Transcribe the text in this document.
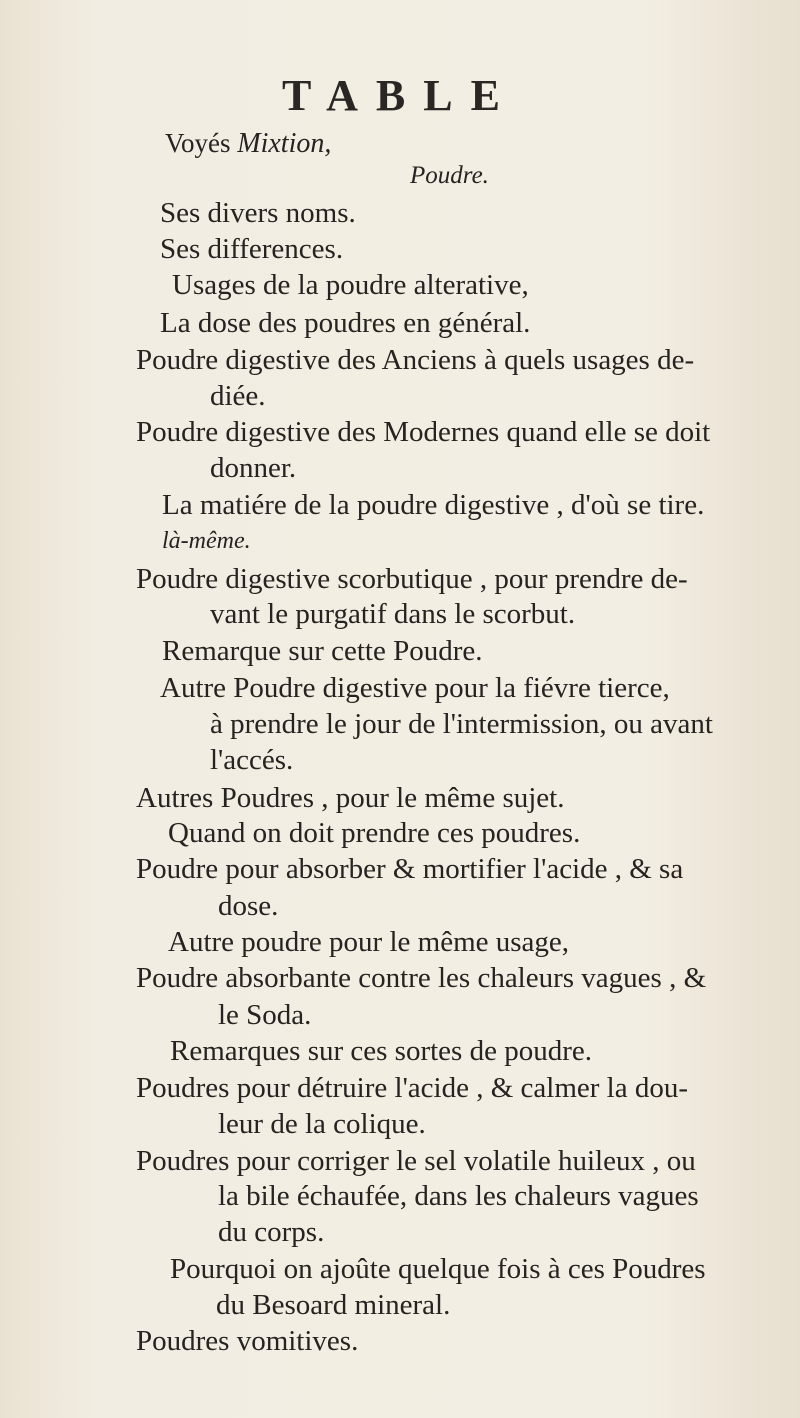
TABLE
Voyés Mixtion,
Poudre.
Ses divers noms.
Ses differences.
Usages de la poudre alterative,
La dose des poudres en général.
Poudre digestive des Anciens à quels usages de-
diée.
Poudre digestive des Modernes quand elle se doit
donner.
La matiére de la poudre digestive , d'où se tire.
là-même.
Poudre digestive scorbutique , pour prendre de-
vant le purgatif dans le scorbut.
Remarque sur cette Poudre.
Autre Poudre digestive pour la fiévre tierce,
à prendre le jour de l'intermission, ou avant
l'accés.
Autres Poudres , pour le même sujet.
Quand on doit prendre ces poudres.
Poudre pour absorber & mortifier l'acide , & sa
dose.
Autre poudre pour le même usage,
Poudre absorbante contre les chaleurs vagues , &
le Soda.
Remarques sur ces sortes de poudre.
Poudres pour détruire l'acide , & calmer la dou-
leur de la colique.
Poudres pour corriger le sel volatile huileux , ou
la bile échaufée, dans les chaleurs vagues
du corps.
Pourquoi on ajoûte quelque fois à ces Poudres
du Besoard mineral.
Poudres vomitives.
